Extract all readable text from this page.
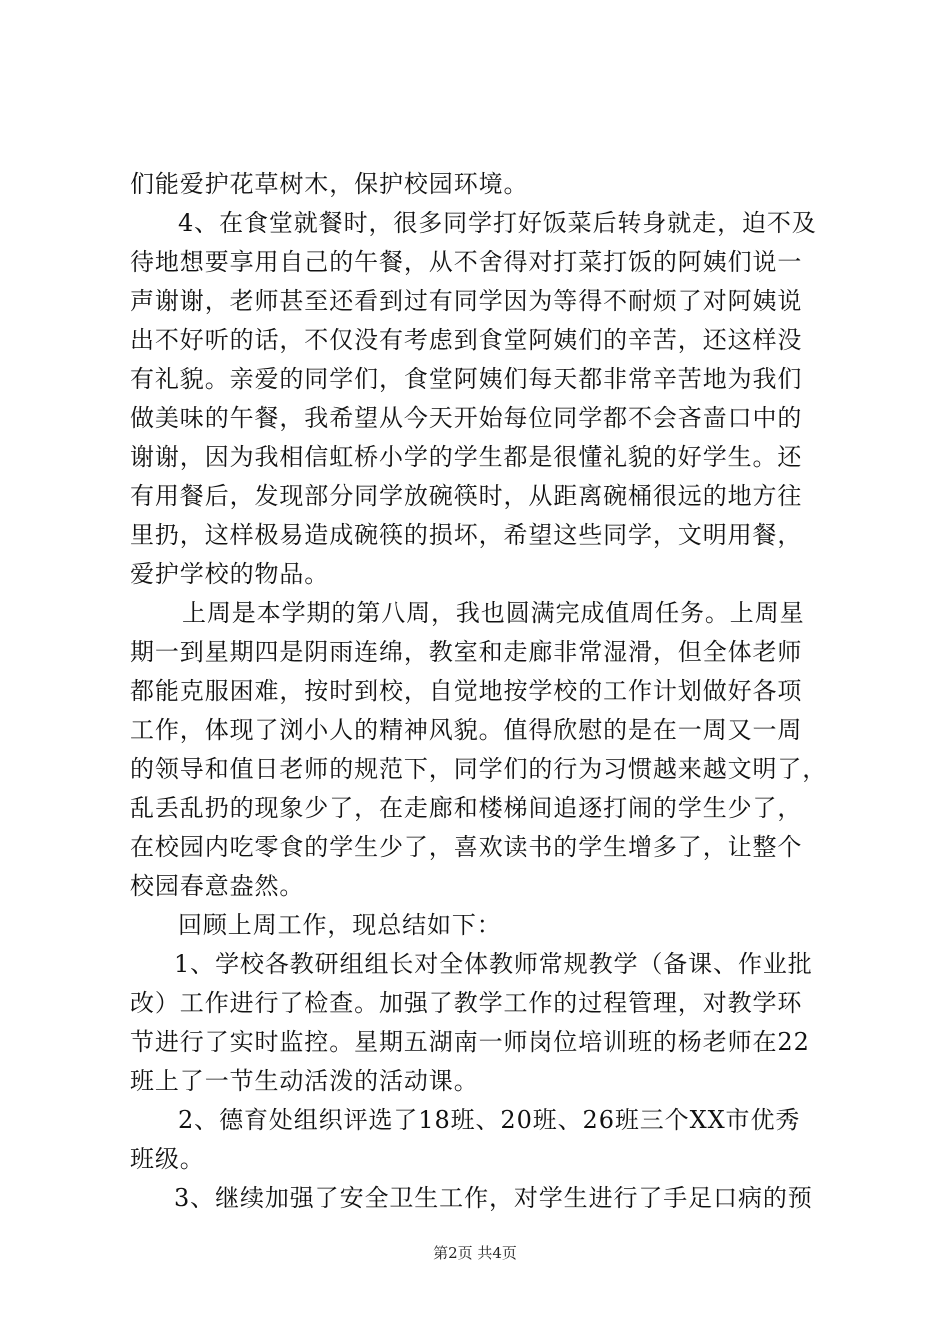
们能爱护花草树木，保护校园环境。
4、在食堂就餐时，很多同学打好饭菜后转身就走，迫不及
待地想要享用自己的午餐，从不舍得对打菜打饭的阿姨们说一
声谢谢，老师甚至还看到过有同学因为等得不耐烦了对阿姨说
出不好听的话，不仅没有考虑到食堂阿姨们的辛苦，还这样没
有礼貌。亲爱的同学们，食堂阿姨们每天都非常辛苦地为我们
做美味的午餐，我希望从今天开始每位同学都不会吝啬口中的
谢谢，因为我相信虹桥小学的学生都是很懂礼貌的好学生。还
有用餐后，发现部分同学放碗筷时，从距离碗桶很远的地方往
里扔，这样极易造成碗筷的损坏，希望这些同学，文明用餐，
爱护学校的物品。
上周是本学期的第八周，我也圆满完成值周任务。上周星
期一到星期四是阴雨连绵，教室和走廊非常湿滑，但全体老师
都能克服困难，按时到校，自觉地按学校的工作计划做好各项
工作，体现了浏小人的精神风貌。值得欣慰的是在一周又一周
的领导和值日老师的规范下，同学们的行为习惯越来越文明了，
乱丢乱扔的现象少了，在走廊和楼梯间追逐打闹的学生少了，
在校园内吃零食的学生少了，喜欢读书的学生增多了，让整个
校园春意盎然。
回顾上周工作，现总结如下：
1、学校各教研组组长对全体教师常规教学（备课、作业批
改）工作进行了检查。加强了教学工作的过程管理，对教学环
节进行了实时监控。星期五湖南一师岗位培训班的杨老师在22
班上了一节生动活泼的活动课。
2、德育处组织评选了18班、20班、26班三个XX市优秀
班级。
3、继续加强了安全卫生工作，对学生进行了手足口病的预
第2页 共4页
